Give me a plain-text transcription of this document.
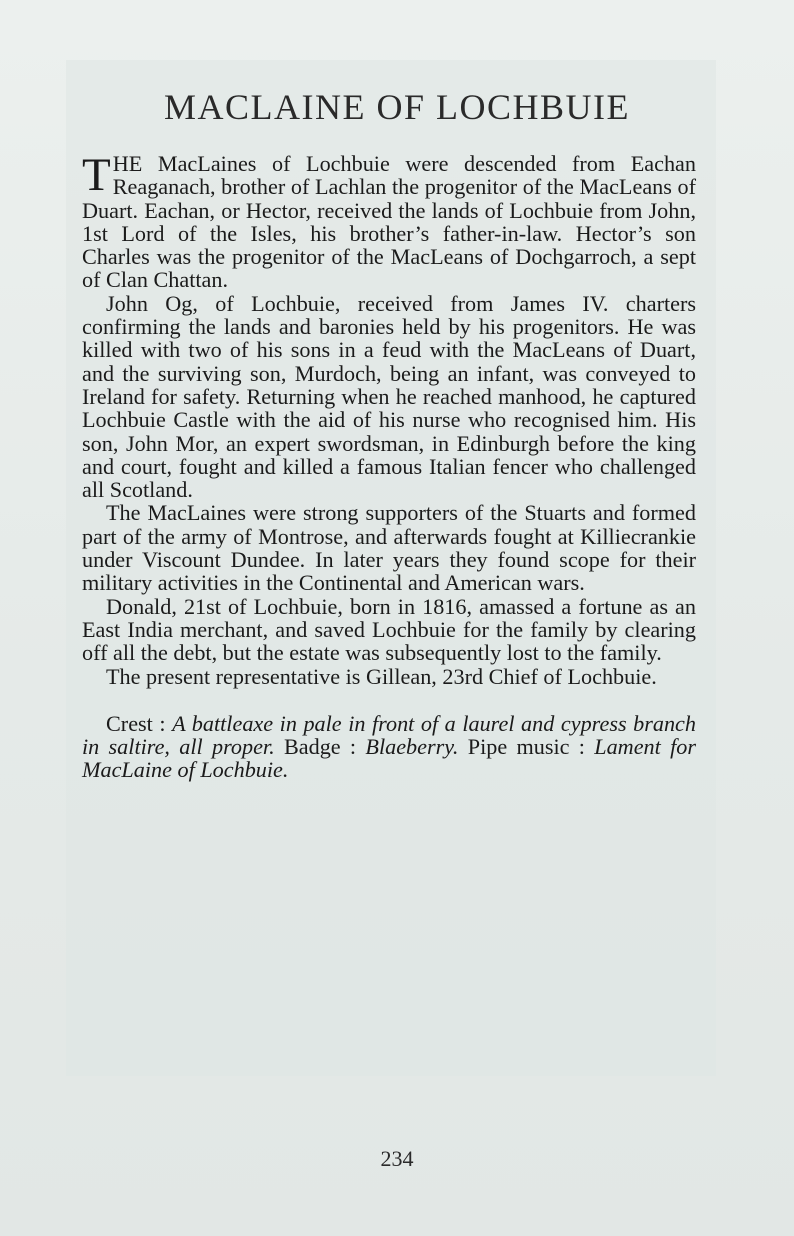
MACLAINE OF LOCHBUIE

THE MacLaines of Lochbuie were descended from Eachan Reaganach, brother of Lachlan the progenitor of the MacLeans of Duart. Eachan, or Hector, received the lands of Lochbuie from John, 1st Lord of the Isles, his brother’s father-in-law. Hector’s son Charles was the progenitor of the MacLeans of Dochgarroch, a sept of Clan Chattan.

John Og, of Lochbuie, received from James IV. charters confirming the lands and baronies held by his progenitors. He was killed with two of his sons in a feud with the MacLeans of Duart, and the surviving son, Murdoch, being an infant, was conveyed to Ireland for safety. Returning when he reached manhood, he captured Lochbuie Castle with the aid of his nurse who recognised him. His son, John Mor, an expert swordsman, in Edinburgh before the king and court, fought and killed a famous Italian fencer who challenged all Scotland.

The MacLaines were strong supporters of the Stuarts and formed part of the army of Montrose, and afterwards fought at Killiecrankie under Viscount Dundee. In later years they found scope for their military activities in the Continental and American wars.

Donald, 21st of Lochbuie, born in 1816, amassed a fortune as an East India merchant, and saved Lochbuie for the family by clearing off all the debt, but the estate was subsequently lost to the family.

The present representative is Gillean, 23rd Chief of Lochbuie.

Crest : A battleaxe in pale in front of a laurel and cypress branch in saltire, all proper. Badge : Blaeberry. Pipe music : Lament for MacLaine of Lochbuie.

234
